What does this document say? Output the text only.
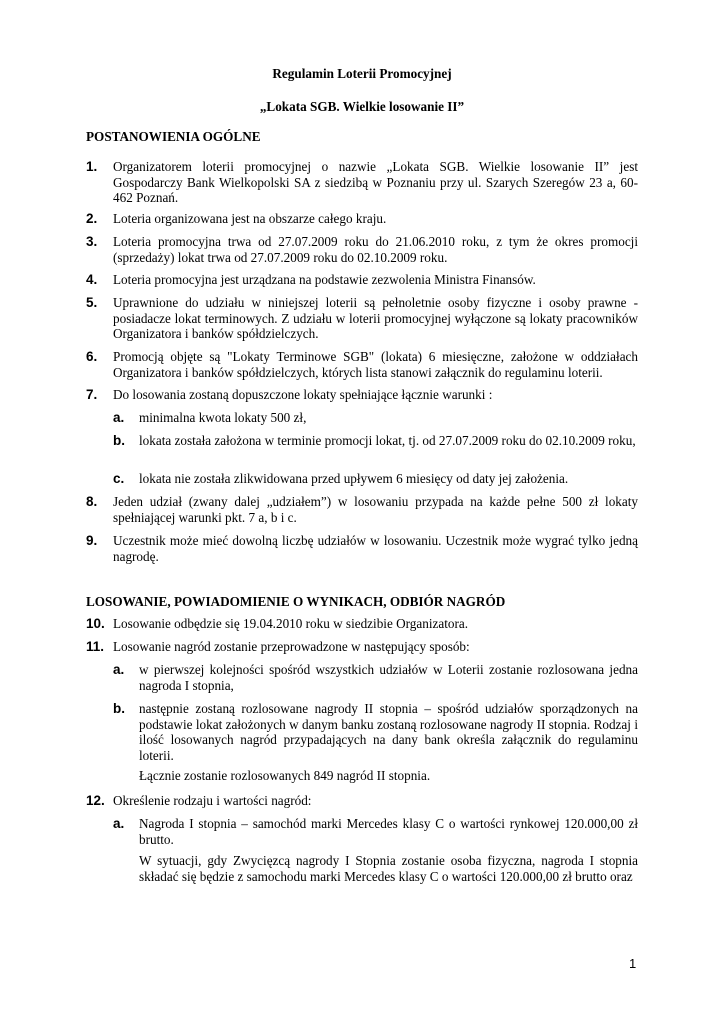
Regulamin Loterii Promocyjnej
„Lokata SGB. Wielkie losowanie II”
POSTANOWIENIA OGÓLNE
1. Organizatorem loterii promocyjnej o nazwie „Lokata SGB. Wielkie losowanie II” jest Gospodarczy Bank Wielkopolski SA z siedzibą w Poznaniu przy ul. Szarych Szeregów 23 a, 60-462 Poznań.
2. Loteria organizowana jest na obszarze całego kraju.
3. Loteria promocyjna trwa od 27.07.2009 roku do 21.06.2010 roku, z tym że okres promocji (sprzedaży) lokat trwa od 27.07.2009 roku do 02.10.2009 roku.
4. Loteria promocyjna jest urządzana na podstawie zezwolenia Ministra Finansów.
5. Uprawnione do udziału w niniejszej loterii są pełnoletnie osoby fizyczne i osoby prawne - posiadacze lokat terminowych. Z udziału w loterii promocyjnej wyłączone są lokaty pracowników Organizatora i banków spółdzielczych.
6. Promocją objęte są "Lokaty Terminowe SGB" (lokata) 6 miesięczne, założone w oddziałach Organizatora i banków spółdzielczych, których lista stanowi załącznik do regulaminu loterii.
7. Do losowania zostaną dopuszczone lokaty spełniające łącznie warunki :
a. minimalna kwota lokaty 500 zł,
b. lokata została założona w terminie promocji lokat, tj. od 27.07.2009 roku do 02.10.2009 roku,
c. lokata nie została zlikwidowana przed upływem 6 miesięcy od daty jej założenia.
8. Jeden udział (zwany dalej „udziałem”) w losowaniu przypada na każde pełne 500 zł lokaty spełniającej warunki pkt. 7 a, b i c.
9. Uczestnik może mieć dowolną liczbę udziałów w losowaniu. Uczestnik może wygrać tylko jedną nagrodę.
LOSOWANIE, POWIADOMIENIE O WYNIKACH, ODBIÓR NAGRÓD
10. Losowanie odbędzie się 19.04.2010 roku w siedzibie Organizatora.
11. Losowanie nagród zostanie przeprowadzone w następujący sposób:
a. w pierwszej kolejności spośród wszystkich udziałów w Loterii zostanie rozlosowana jedna nagroda I stopnia,
b. następnie zostaną rozlosowane nagrody II stopnia – spośród udziałów sporządzonych na podstawie lokat założonych w danym banku zostaną rozlosowane nagrody II stopnia. Rodzaj i ilość losowanych nagród przypadających na dany bank określa załącznik do regulaminu loterii.
Łącznie zostanie rozlosowanych 849 nagród II stopnia.
12. Określenie rodzaju i wartości nagród:
a. Nagroda I stopnia – samochód marki Mercedes klasy C o wartości rynkowej 120.000,00 zł brutto.
W sytuacji, gdy Zwycięzcą nagrody I Stopnia zostanie osoba fizyczna, nagroda I stopnia składać się będzie z samochodu marki Mercedes klasy C o wartości 120.000,00 zł brutto oraz
1
